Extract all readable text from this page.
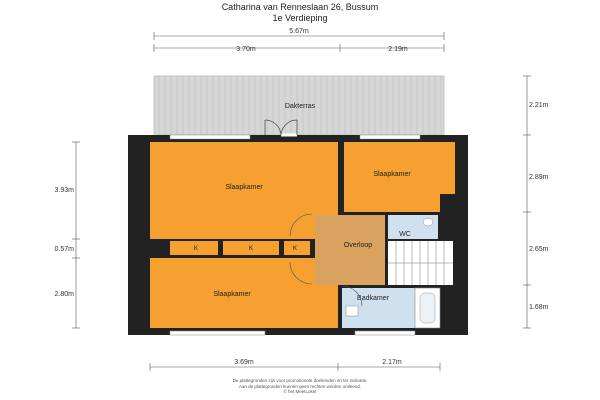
Catharina van Renneslaan 26, Bussum
1e Verdieping
5.67m
3.70m	2.19m
Dakterras
Slaapkamer
Slaapkamer
K	K	K
Slaapkamer
Overloop
WC
Badkamer
3.93m
0.57m
2.80m
2.21m
2.89m
2.65m
1.68m
3.69m	2.17m
De plattegronden zijn voor promotionele doeleinden en ter indicatie.
Aan de plattegronden kunnen geen rechten worden ontleend.
© het MeetLoket
